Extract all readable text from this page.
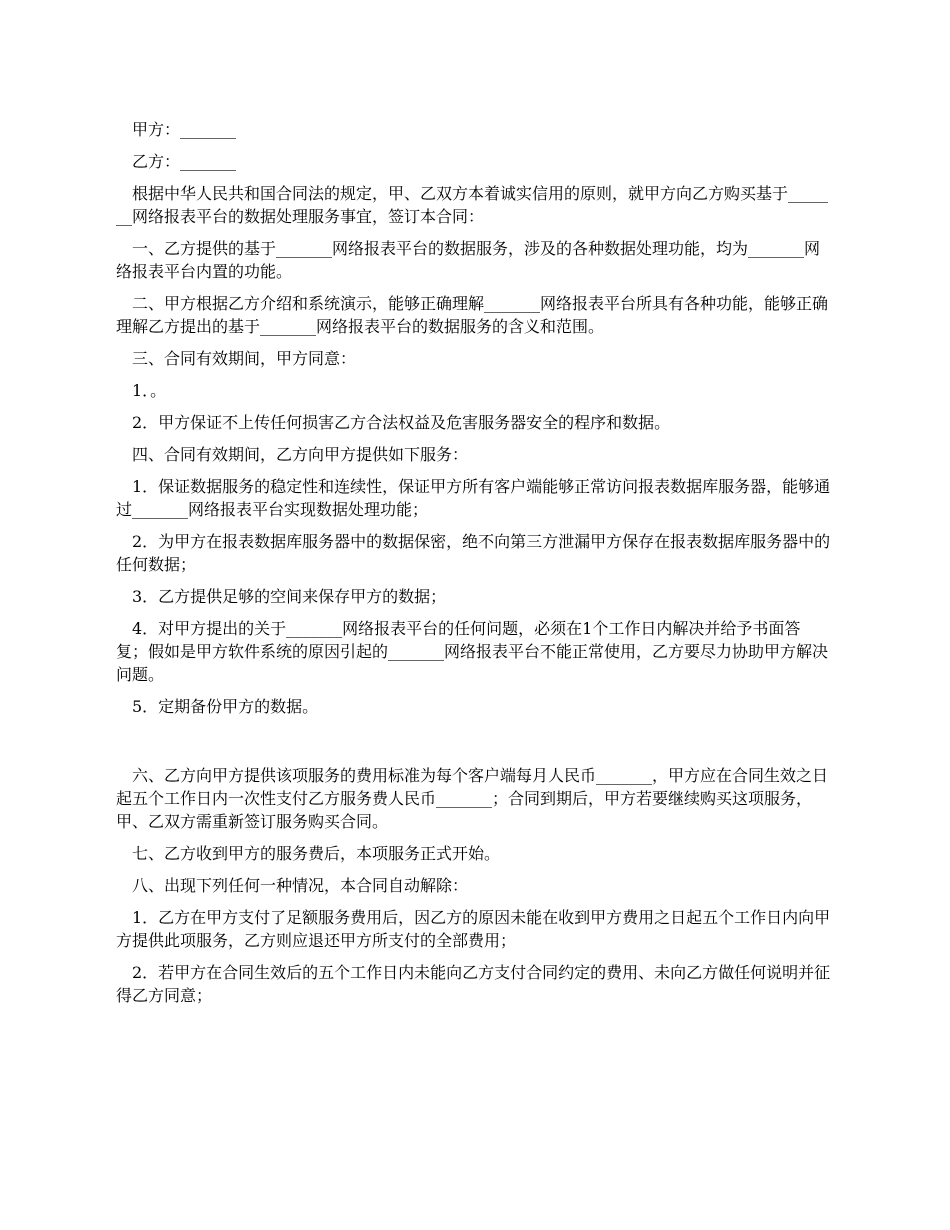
甲方：_______

乙方：_______

根据中华人民共和国合同法的规定，甲、乙双方本着诚实信用的原则，就甲方向乙方购买基于_______网络报表平台的数据处理服务事宜，签订本合同：

一、乙方提供的基于_______网络报表平台的数据服务，涉及的各种数据处理功能，均为_______网络报表平台内置的功能。

二、甲方根据乙方介绍和系统演示，能够正确理解_______网络报表平台所具有各种功能，能够正确理解乙方提出的基于_______网络报表平台的数据服务的含义和范围。

三、合同有效期间，甲方同意：

1．。

2．甲方保证不上传任何损害乙方合法权益及危害服务器安全的程序和数据。

四、合同有效期间，乙方向甲方提供如下服务：

1．保证数据服务的稳定性和连续性，保证甲方所有客户端能够正常访问报表数据库服务器，能够通过_______网络报表平台实现数据处理功能；

2．为甲方在报表数据库服务器中的数据保密，绝不向第三方泄漏甲方保存在报表数据库服务器中的任何数据；

3．乙方提供足够的空间来保存甲方的数据；

4．对甲方提出的关于_______网络报表平台的任何问题，必须在1个工作日内解决并给予书面答复；假如是甲方软件系统的原因引起的_______网络报表平台不能正常使用，乙方要尽力协助甲方解决问题。

5．定期备份甲方的数据。

六、乙方向甲方提供该项服务的费用标准为每个客户端每月人民币_______，甲方应在合同生效之日起五个工作日内一次性支付乙方服务费人民币_______；合同到期后，甲方若要继续购买这项服务，甲、乙双方需重新签订服务购买合同。

七、乙方收到甲方的服务费后，本项服务正式开始。

八、出现下列任何一种情况，本合同自动解除：

1．乙方在甲方支付了足额服务费用后，因乙方的原因未能在收到甲方费用之日起五个工作日内向甲方提供此项服务，乙方则应退还甲方所支付的全部费用；

2．若甲方在合同生效后的五个工作日内未能向乙方支付合同约定的费用、未向乙方做任何说明并征得乙方同意；
